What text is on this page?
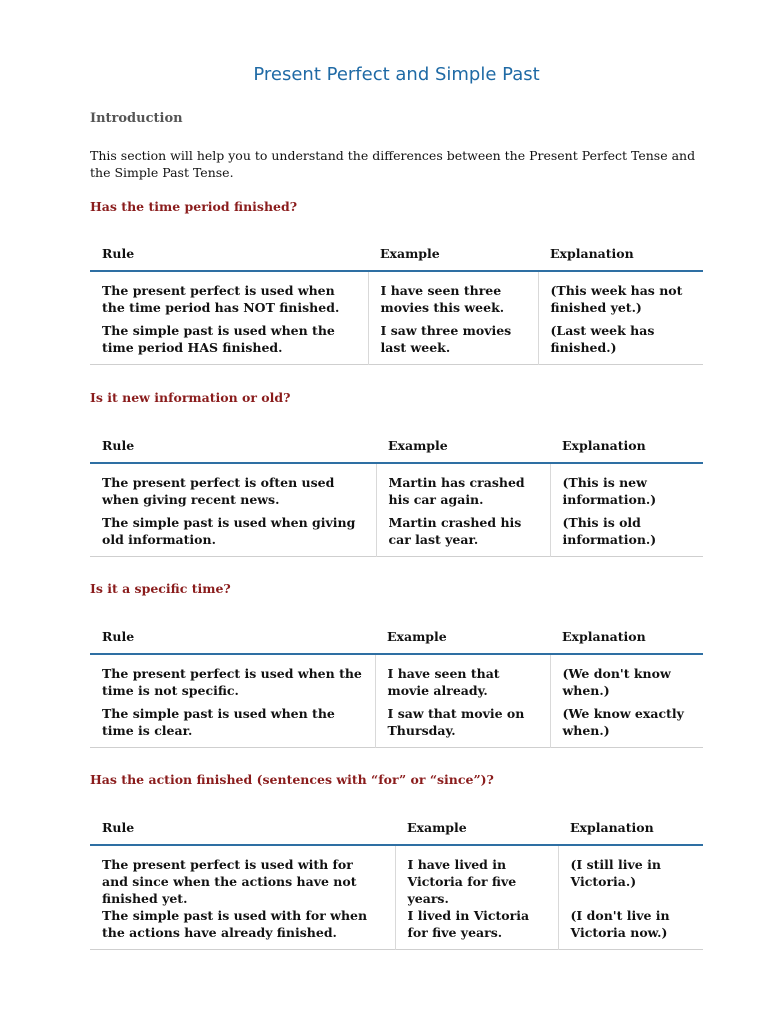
Present Perfect and Simple Past
Introduction
This section will help you to understand the differences between the Present Perfect Tense and the Simple Past Tense.
Has the time period finished?
Rule	Example	Explanation
The present perfect is used when the time period has NOT finished.	I have seen three movies this week.	(This week has not finished yet.)
The simple past is used when the time period HAS finished.	I saw three movies last week.	(Last week has finished.)
Is it new information or old?
Rule	Example	Explanation
The present perfect is often used when giving recent news.	Martin has crashed his car again.	(This is new information.)
The simple past is used when giving old information.	Martin crashed his car last year.	(This is old information.)
Is it a specific time?
Rule	Example	Explanation
The present perfect is used when the time is not specific.	I have seen that movie already.	(We don't know when.)
The simple past is used when the time is clear.	I saw that movie on Thursday.	(We know exactly when.)
Has the action finished (sentences with “for” or “since”)?
Rule	Example	Explanation
The present perfect is used with for and since when the actions have not finished yet.	I have lived in Victoria for five years.	(I still live in Victoria.)
The simple past is used with for when the actions have already finished.	I lived in Victoria for five years.	(I don't live in Victoria now.)
